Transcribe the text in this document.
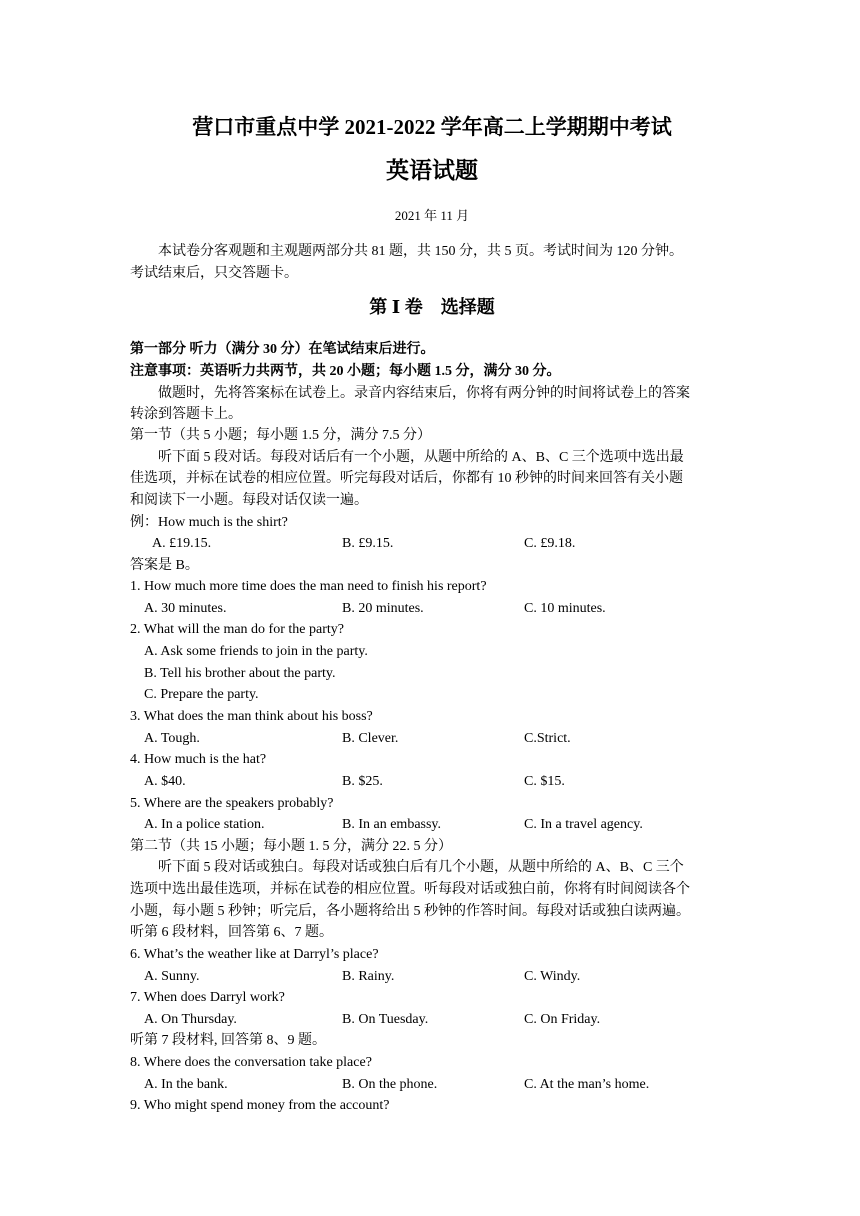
营口市重点中学 2021-2022 学年高二上学期期中考试
英语试题
2021 年 11 月
本试卷分客观题和主观题两部分共 81 题，共 150 分，共 5 页。考试时间为 120 分钟。
考试结束后，只交答题卡。
第 Ⅰ 卷　选择题
第一部分 听力（满分 30 分）在笔试结束后进行。
注意事项：英语听力共两节，共 20 小题；每小题 1.5 分，满分 30 分。
做题时，先将答案标在试卷上。录音内容结束后，你将有两分钟的时间将试卷上的答案
转涂到答题卡上。
第一节（共 5 小题；每小题 1.5 分，满分 7.5 分）
听下面 5 段对话。每段对话后有一个小题，从题中所给的 A、B、C 三个选项中选出最
佳选项，并标在试卷的相应位置。听完每段对话后，你都有 10 秒钟的时间来回答有关小题
和阅读下一小题。每段对话仅读一遍。
例：How much is the shirt?
A. £19.15.	B. £9.15.	C. £9.18.
答案是 B。
1. How much more time does the man need to finish his report?
A. 30 minutes.	B. 20 minutes.	C. 10 minutes.
2. What will the man do for the party?
A. Ask some friends to join in the party.
B. Tell his brother about the party.
C. Prepare the party.
3. What does the man think about his boss?
A. Tough.	B. Clever.	C.Strict.
4. How much is the hat?
A. $40.	B. $25.	C. $15.
5. Where are the speakers probably?
A. In a police station.	B. In an embassy.	C. In a travel agency.
第二节（共 15 小题；每小题 1. 5 分，满分 22. 5 分）
听下面 5 段对话或独白。每段对话或独白后有几个小题，从题中所给的 A、B、C 三个
选项中选出最佳选项，并标在试卷的相应位置。听每段对话或独白前，你将有时间阅读各个
小题，每小题 5 秒钟；听完后，各小题将给出 5 秒钟的作答时间。每段对话或独白读两遍。
听第 6 段材料，回答第 6、7 题。
6. What’s the weather like at Darryl’s place?
A. Sunny.	B. Rainy.	C. Windy.
7. When does Darryl work?
A. On Thursday.	B. On Tuesday.	C. On Friday.
听第 7 段材料, 回答第 8、9 题。
8. Where does the conversation take place?
A. In the bank.	B. On the phone.	C. At the man’s home.
9. Who might spend money from the account?
